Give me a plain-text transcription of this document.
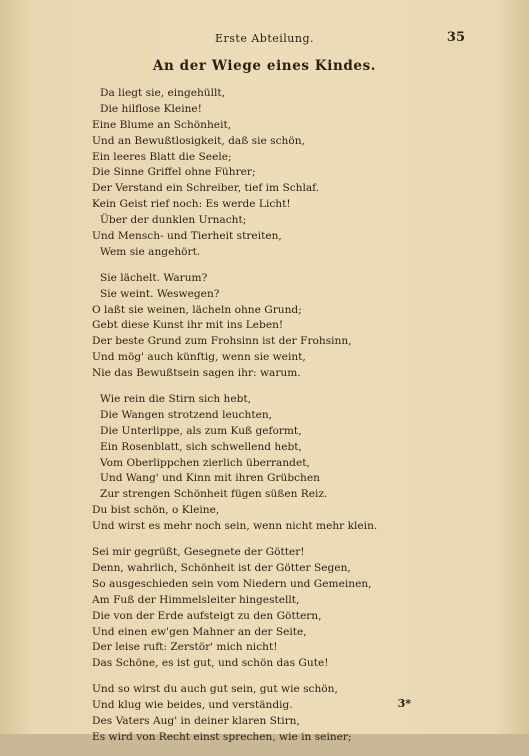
Erste Abteilung.	35
An der Wiege eines Kindes.
Da liegt sie, eingehüllt,
Die hilflose Kleine!
Eine Blume an Schönheit,
Und an Bewußtlosigkeit, daß sie schön,
Ein leeres Blatt die Seele;
Die Sinne Griffel ohne Führer;
Der Verstand ein Schreiber, tief im Schlaf.
Kein Geist rief noch: Es werde Licht!
Über der dunklen Urnacht;
Und Mensch- und Tierheit streiten,
Wem sie angehört.
Sie lächelt. Warum?
Sie weint. Weswegen?
O laßt sie weinen, lächeln ohne Grund;
Gebt diese Kunst ihr mit ins Leben!
Der beste Grund zum Frohsinn ist der Frohsinn,
Und mög' auch künftig, wenn sie weint,
Nie das Bewußtsein sagen ihr: warum.
Wie rein die Stirn sich hebt,
Die Wangen strotzend leuchten,
Die Unterlippe, als zum Kuß geformt,
Ein Rosenblatt, sich schwellend hebt,
Vom Oberlippchen zierlich überrandet,
Und Wang' und Kinn mit ihren Grübchen
Zur strengen Schönheit fügen süßen Reiz.
Du bist schön, o Kleine,
Und wirst es mehr noch sein, wenn nicht mehr klein.
Sei mir gegrüßt, Gesegnete der Götter!
Denn, wahrlich, Schönheit ist der Götter Segen,
So ausgeschieden sein vom Niedern und Gemeinen,
Am Fuß der Himmelsleiter hingestellt,
Die von der Erde aufsteigt zu den Göttern,
Und einen ew'gen Mahner an der Seite,
Der leise ruft: Zerstör' mich nicht!
Das Schöne, es ist gut, und schön das Gute!
Und so wirst du auch gut sein, gut wie schön,
Und klug wie beides, und verständig.
Des Vaters Aug' in deiner klaren Stirn,
Es wird von Recht einst sprechen, wie in seiner;
3*
